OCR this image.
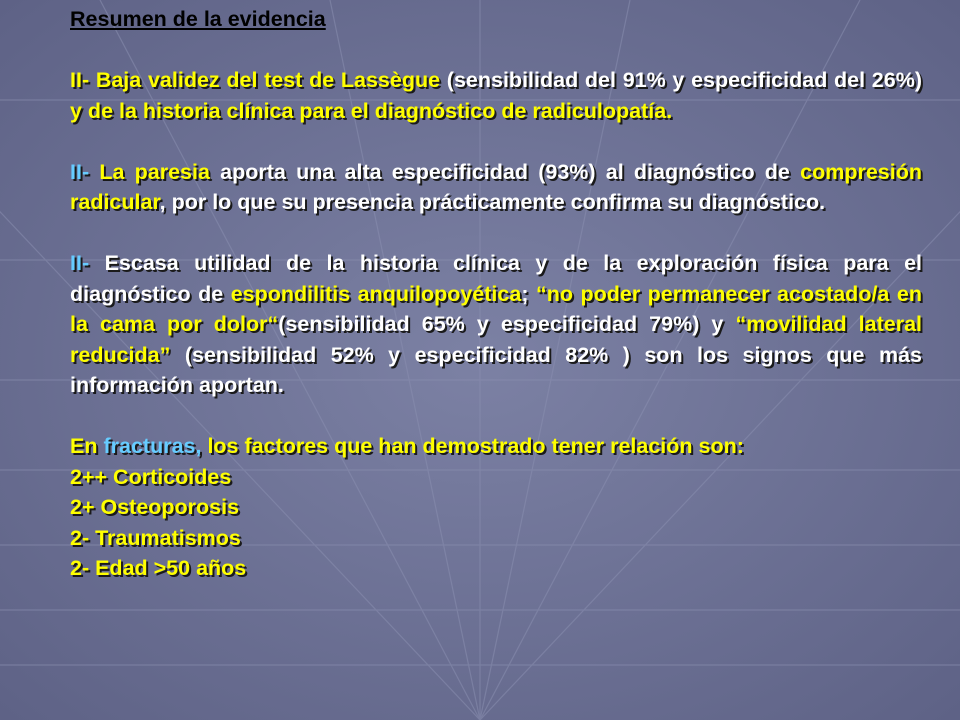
Resumen de la evidencia

II- Baja validez del test de Lassègue (sensibilidad del 91% y especificidad del 26%) y de la historia clínica para el diagnóstico de radiculopatía.

II- La paresia aporta una alta especificidad (93%) al diagnóstico de compresión radicular, por lo que su presencia prácticamente confirma su diagnóstico.

II- Escasa utilidad de la historia clínica y de la exploración física para el diagnóstico de espondilitis anquilopoyética; “no poder permanecer acostado/a en la cama por dolor“(sensibilidad 65% y especificidad 79%) y “movilidad lateral reducida” (sensibilidad 52% y especificidad 82% ) son los signos que más información aportan.

En fracturas, los factores que han demostrado tener relación son:

2++ Corticoides

2+ Osteoporosis

2- Traumatismos

2- Edad >50 años
